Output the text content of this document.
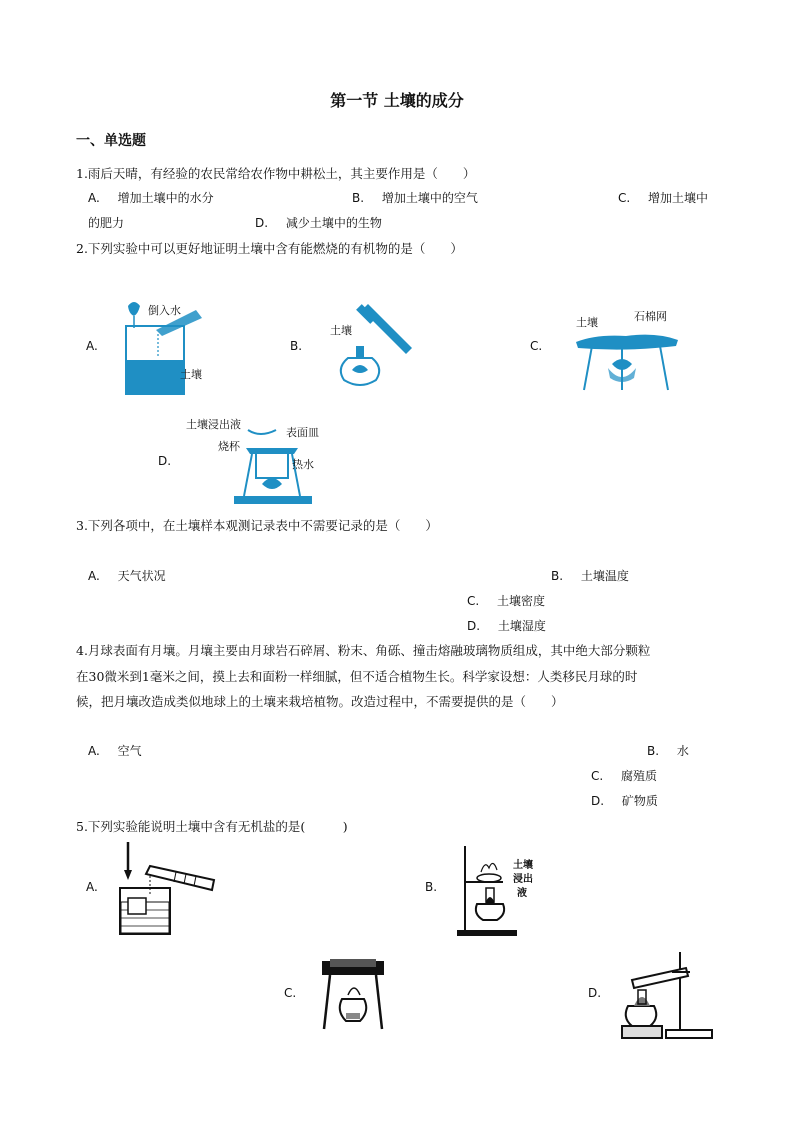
第一节 土壤的成分
一、单选题
1.雨后天晴，有经验的农民常给农作物中耕松土，其主要作用是（　　）
A. 增加土壤中的水分	B. 增加土壤中的空气	C. 增加土壤中
的肥力	D. 减少土壤中的生物
2.下列实验中可以更好地证明土壤中含有能燃烧的有机物的是（　　）
A.
倒入水
土壤
B.
土壤
C.
土壤	石棉网
D.
土壤浸出液
表面皿
烧杯
热水
3.下列各项中，在土壤样本观测记录表中不需要记录的是（　　）
A. 天气状况	B. 土壤温度
C. 土壤密度
D. 土壤湿度
4.月球表面有月壤。月壤主要由月球岩石碎屑、粉末、角砾、撞击熔融玻璃物质组成，其中绝大部分颗粒
在30微米到1毫米之间，摸上去和面粉一样细腻，但不适合植物生长。科学家设想：人类移民月球的时
候，把月壤改造成类似地球上的土壤来栽培植物。改造过程中，不需要提供的是（　　）
A. 空气	B. 水
C. 腐殖质
D. 矿物质
5.下列实验能说明土壤中含有无机盐的是(　　　)
A.	B.
土壤
浸出
液
C.	D.
